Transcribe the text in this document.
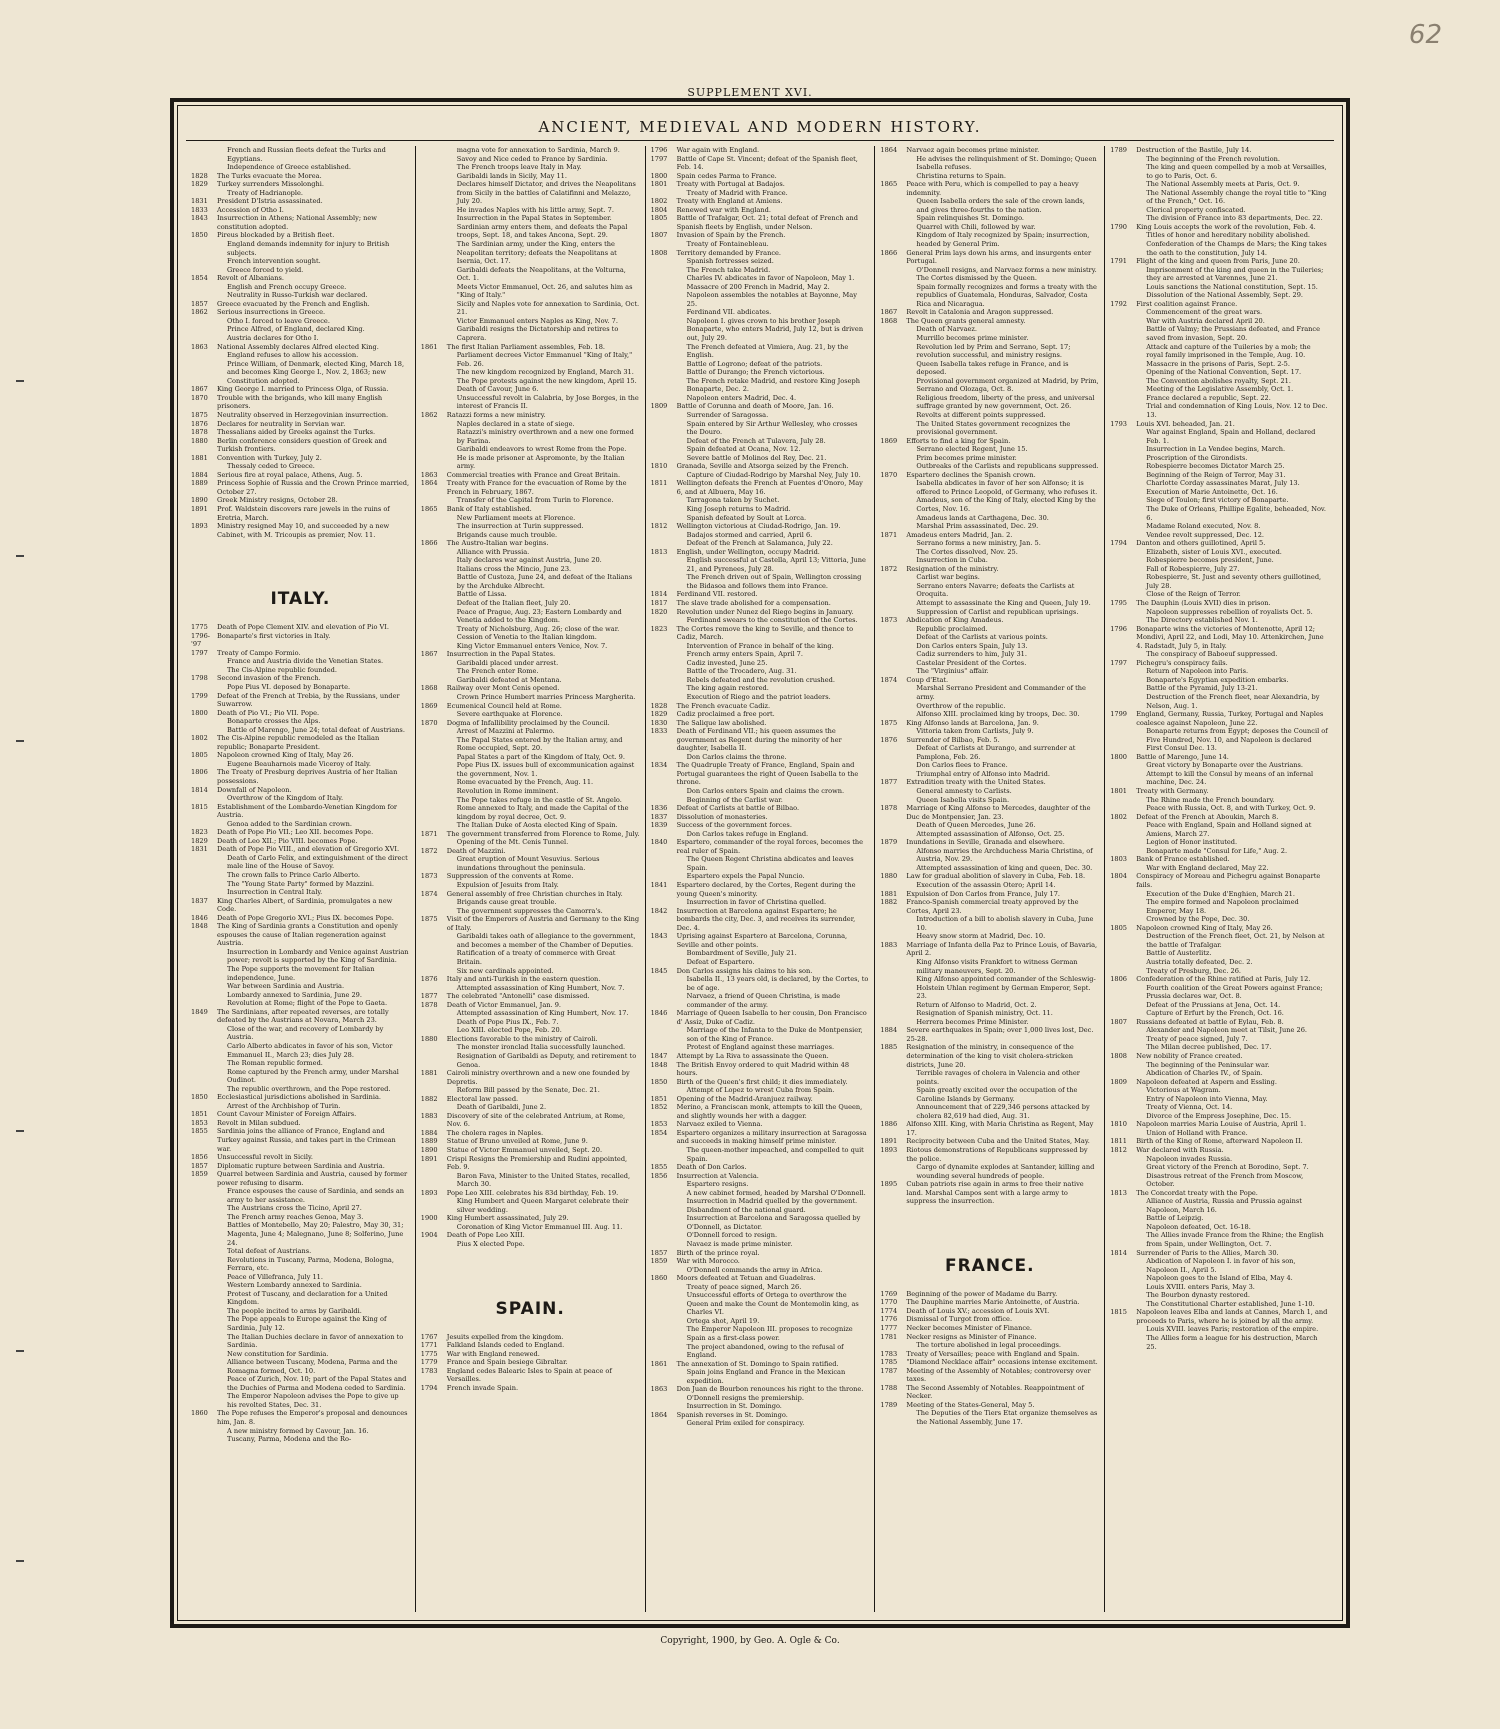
62
SUPPLEMENT XVI.
ANCIENT, MEDIEVAL AND MODERN HISTORY.
French and Russian fleets defeat the Turks and Egyptians.
Independence of Greece established.
1828	The Turks evacuate the Morea.
1829	Turkey surrenders Missolonghi.
Treaty of Hadrianople.
1831	President D'Istria assassinated.
1833	Accession of Otho I.
1843	Insurrection in Athens; National Assembly; new constitution adopted.
1850	Pireus blockaded by a British fleet.
England demands indemnity for injury to British subjects.
French intervention sought.
Greece forced to yield.
1854	Revolt of Albanians.
English and French occupy Greece.
Neutrality in Russo-Turkish war declared.
1857	Greece evacuated by the French and English.
1862	Serious insurrections in Greece.
Otho I. forced to leave Greece.
Prince Alfred, of England, declared King.
Austria declares for Otho I.
1863	National Assembly declares Alfred elected King.
England refuses to allow his accession.
Prince William, of Denmark, elected King, March 18, and becomes King George I., Nov. 2, 1863; new Constitution adopted.
1867	King George I. married to Princess Olga, of Russia.
1870	Trouble with the brigands, who kill many English prisoners.
1875	Neutrality observed in Herzegovinian insurrection.
1876	Declares for neutrality in Servian war.
1878	Thessalians aided by Greeks against the Turks.
1880	Berlin conference considers question of Greek and Turkish frontiers.
1881	Convention with Turkey, July 2.
Thessaly ceded to Greece.
1884	Serious fire at royal palace, Athens, Aug. 5.
1889	Princess Sophie of Russia and the Crown Prince married, October 27.
1890	Greek Ministry resigns, October 28.
1891	Prof. Waldstein discovers rare jewels in the ruins of Eretria, March.
1893	Ministry resigned May 10, and succeeded by a new Cabinet, with M. Tricoupis as premier, Nov. 11.
ITALY.
1775	Death of Pope Clement XIV. and elevation of Pio VI.
1796-'97
Bonaparte's first victories in Italy.
1797	Treaty of Campo Formio.
France and Austria divide the Venetian States.
The Cis-Alpine republic founded.
1798	Second invasion of the French.
Pope Pius VI. deposed by Bonaparte.
1799	Defeat of the French at Trebia, by the Russians, under Suwarrow.
1800	Death of Pio VI.; Pio VII. Pope.
Bonaparte crosses the Alps.
Battle of Marengo, June 24; total defeat of Austrians.
1802	The Cis-Alpine republic remodeled as the Italian republic; Bonaparte President.
1805	Napoleon crowned King of Italy, May 26.
Eugene Beauharnois made Viceroy of Italy.
1806	The Treaty of Presburg deprives Austria of her Italian possessions.
1814	Downfall of Napoleon.
Overthrow of the Kingdom of Italy.
1815	Establishment of the Lombardo-Venetian Kingdom for Austria.
Genoa added to the Sardinian crown.
1823	Death of Pope Pio VII.; Leo XII. becomes Pope.
1829	Death of Leo XII.; Pio VIII. becomes Pope.
1831	Death of Pope Pio VIII., and elevation of Gregorio XVI.
Death of Carlo Felix, and extinguishment of the direct male line of the House of Savoy.
The crown falls to Prince Carlo Alberto.
The "Young State Party" formed by Mazzini.
Insurrection in Central Italy.
1837	King Charles Albert, of Sardinia, promulgates a new Code.
1846	Death of Pope Gregorio XVI.; Pius IX. becomes Pope.
1848	The King of Sardinia grants a Constitution and openly espouses the cause of Italian regeneration against Austria.
Insurrection in Lombardy and Venice against Austrian power; revolt is supported by the King of Sardinia.
The Pope supports the movement for Italian independence, June.
War between Sardinia and Austria.
Lombardy annexed to Sardinia, June 29.
Revolution at Rome; flight of the Pope to Gaeta.
1849	The Sardinians, after repeated reverses, are totally defeated by the Austrians at Novara, March 23.
Close of the war, and recovery of Lombardy by Austria.
Carlo Alberto abdicates in favor of his son, Victor Emmanuel II., March 23; dies July 28.
The Roman republic formed.
Rome captured by the French army, under Marshal Oudinot.
The republic overthrown, and the Pope restored.
1850	Ecclesiastical jurisdictions abolished in Sardinia.
Arrest of the Archbishop of Turin.
1851	Count Cavour Minister of Foreign Affairs.
1853	Revolt in Milan subdued.
1855	Sardinia joins the alliance of France, England and Turkey against Russia, and takes part in the Crimean war.
1856	Unsuccessful revolt in Sicily.
1857	Diplomatic rupture between Sardinia and Austria.
1859	Quarrel between Sardinia and Austria, caused by former power refusing to disarm.
France espouses the cause of Sardinia, and sends an army to her assistance.
The Austrians cross the Ticino, April 27.
The French army reaches Genoa, May 3.
Battles of Montebello, May 20; Palestro, May 30, 31; Magenta, June 4; Malegnano, June 8; Solferino, June 24.
Total defeat of Austrians.
Revolutions in Tuscany, Parma, Modena, Bologna, Ferrara, etc.
Peace of Villefranca, July 11.
Western Lombardy annexed to Sardinia.
Protest of Tuscany, and declaration for a United Kingdom.
The people incited to arms by Garibaldi.
The Pope appeals to Europe against the King of Sardinia, July 12.
The Italian Duchies declare in favor of annexation to Sardinia.
New constitution for Sardinia.
Alliance between Tuscany, Modena, Parma and the Romagna formed, Oct. 10.
Peace of Zurich, Nov. 10; part of the Papal States and the Duchies of Parma and Modena ceded to Sardinia.
The Emperor Napoleon advises the Pope to give up his revolted States, Dec. 31.
1860	The Pope refuses the Emperor's proposal and denounces him, Jan. 8.
A new ministry formed by Cavour, Jan. 16.
Tuscany, Parma, Modena and the Ro-
magna vote for annexation to Sardinia, March 9.
Savoy and Nice ceded to France by Sardinia.
The French troops leave Italy in May.
Garibaldi lands in Sicily, May 11.
Declares himself Dictator, and drives the Neapolitans from Sicily in the battles of Calatifinni and Melazzo, July 20.
He invades Naples with his little army, Sept. 7.
Insurrection in the Papal States in September. Sardinian army enters them, and defeats the Papal troops, Sept. 18, and takes Ancona, Sept. 29.
The Sardinian army, under the King, enters the Neapolitan territory; defeats the Neapolitans at Isernia, Oct. 17.
Garibaldi defeats the Neapolitans, at the Volturna, Oct. 1.
Meets Victor Emmanuel, Oct. 26, and salutes him as "King of Italy."
Sicily and Naples vote for annexation to Sardinia, Oct. 21.
Victor Emmanuel enters Naples as King, Nov. 7.
Garibaldi resigns the Dictatorship and retires to Caprera.
1861	The first Italian Parliament assembles, Feb. 18.
Parliament decrees Victor Emmanuel "King of Italy," Feb. 26.
The new kingdom recognized by England, March 31.
The Pope protests against the new kingdom, April 15.
Death of Cavour, June 6.
Unsuccessful revolt in Calabria, by Jose Borges, in the interest of Francis II.
1862	Ratazzi forms a new ministry.
Naples declared in a state of siege.
Ratazzi's ministry overthrown and a new one formed by Farina.
Garibaldi endeavors to wrest Rome from the Pope.
He is made prisoner at Aspromonte, by the Italian army.
1863	Commercial treaties with France and Great Britain.
1864	Treaty with France for the evacuation of Rome by the French in February, 1867.
Transfer of the Capital from Turin to Florence.
1865	Bank of Italy established.
New Parliament meets at Florence.
The insurrection at Turin suppressed.
Brigands cause much trouble.
1866	The Austro-Italian war begins.
Alliance with Prussia.
Italy declares war against Austria, June 20.
Italians cross the Mincio, June 23.
Battle of Custoza, June 24, and defeat of the Italians by the Archduke Albrecht.
Battle of Lissa.
Defeat of the Italian fleet, July 20.
Peace of Prague, Aug. 23; Eastern Lombardy and Venetia added to the Kingdom.
Treaty of Nicholsburg, Aug. 26; close of the war.
Cession of Venetia to the Italian kingdom.
King Victor Emmanuel enters Venice, Nov. 7.
1867	Insurrection in the Papal States.
Garibaldi placed under arrest.
The French enter Rome.
Garibaldi defeated at Mentana.
1868	Railway over Mont Cenis opened.
Crown Prince Humbert marries Princess Margherita.
1869	Ecumenical Council held at Rome.
Severe earthquake at Florence.
1870	Dogma of Infallibility proclaimed by the Council.
Arrest of Mazzini at Palermo.
The Papal States entered by the Italian army, and Rome occupied, Sept. 20.
Papal States a part of the Kingdom of Italy, Oct. 9.
Pope Pius IX. issues bull of excommunication against the government, Nov. 1.
Rome evacuated by the French, Aug. 11.
Revolution in Rome imminent.
The Pope takes refuge in the castle of St. Angelo.
Rome annexed to Italy, and made the Capital of the kingdom by royal decree, Oct. 9.
The Italian Duke of Aosta elected King of Spain.
1871	The government transferred from Florence to Rome, July.
Opening of the Mt. Cenis Tunnel.
1872	Death of Mazzini.
Great eruption of Mount Vesuvius. Serious inundations throughout the peninsula.
1873	Suppression of the convents at Rome.
Expulsion of Jesuits from Italy.
1874	General assembly of free Christian churches in Italy.
Brigands cause great trouble.
The government suppresses the Camorra's.
1875	Visit of the Emperors of Austria and Germany to the King of Italy.
Garibaldi takes oath of allegiance to the government, and becomes a member of the Chamber of Deputies.
Ratification of a treaty of commerce with Great Britain.
Six new cardinals appointed.
1876	Italy and anti-Turkish in the eastern question.
Attempted assassination of King Humbert, Nov. 7.
1877	The celebrated "Antonelli" case dismissed.
1878	Death of Victor Emmanuel, Jan. 9.
Attempted assassination of King Humbert, Nov. 17.
Death of Pope Pius IX., Feb. 7.
Leo XIII. elected Pope, Feb. 20.
1880	Elections favorable to the ministry of Cairoli.
The monster ironclad Italia successfully launched.
Resignation of Garibaldi as Deputy, and retirement to Genoa.
1881	Cairoli ministry overthrown and a new one founded by Depretis.
Reform Bill passed by the Senate, Dec. 21.
1882	Electoral law passed.
Death of Garibaldi, June 2.
1883	Discovery of site of the celebrated Antrium, at Rome, Nov. 6.
1884	The cholera rages in Naples.
1889	Statue of Bruno unveiled at Rome, June 9.
1890	Statue of Victor Emmanuel unveiled, Sept. 20.
1891	Crispi Resigns the Premiership and Rudini appointed, Feb. 9.
Baron Fava, Minister to the United States, recalled, March 30.
1893	Pope Leo XIII. celebrates his 83d birthday, Feb. 19.
King Humbert and Queen Margaret celebrate their silver wedding.
1900	King Humbert assassinated, July 29.
Coronation of King Victor Emmanuel III. Aug. 11.
1904	Death of Pope Leo XIII.
Pius X elected Pope.
SPAIN.
1767	Jesuits expelled from the kingdom.
1771	Falkland Islands ceded to England.
1775	War with England renewed.
1779	France and Spain besiege Gibraltar.
1783	England cedes Balearic Isles to Spain at peace of Versailles.
1794	French invade Spain.
1796	War again with England.
1797	Battle of Cape St. Vincent; defeat of the Spanish fleet, Feb. 14.
1800	Spain cedes Parma to France.
1801	Treaty with Portugal at Badajos.
Treaty of Madrid with France.
1802	Treaty with England at Amiens.
1804	Renewed war with England.
1805	Battle of Trafalgar, Oct. 21; total defeat of French and Spanish fleets by English, under Nelson.
1807	Invasion of Spain by the French.
Treaty of Fontainebleau.
1808	Territory demanded by France.
Spanish fortresses seized.
The French take Madrid.
Charles IV. abdicates in favor of Napoleon, May 1.
Massacre of 200 French in Madrid, May 2.
Napoleon assembles the notables at Bayonne, May 25.
Ferdinand VII. abdicates.
Napoleon I. gives crown to his brother Joseph Bonaparte, who enters Madrid, July 12, but is driven out, July 29.
The French defeated at Vimiera, Aug. 21, by the English.
Battle of Logrono; defeat of the patriots.
Battle of Durango; the French victorious.
The French retake Madrid, and restore King Joseph Bonaparte, Dec. 2.
Napoleon enters Madrid, Dec. 4.
1809	Battle of Corunna and death of Moore, Jan. 16.
Surrender of Saragossa.
Spain entered by Sir Arthur Wellesley, who crosses the Douro.
Defeat of the French at Tulavera, July 28.
Spain defeated at Ocana, Nov. 12.
Severe battle of Molinos del Rey, Dec. 21.
1810	Granada, Seville and Atsorga seized by the French.
Capture of Ciudad-Rodrigo by Marshal Ney, July 10.
1811	Wellington defeats the French at Fuentes d'Onoro, May 6, and at Albuera, May 16.
Tarragona taken by Suchet.
King Joseph returns to Madrid.
Spanish defeated by Soult at Lorca.
1812	Wellington victorious at Ciudad-Rodrigo, Jan. 19.
Badajos stormed and carried, April 6.
Defeat of the French at Salamanca, July 22.
1813	English, under Wellington, occupy Madrid.
English successful at Castella, April 13; Vittoria, June 21, and Pyrenees, July 28.
The French driven out of Spain, Wellington crossing the Bidasoa and follows them into France.
1814	Ferdinand VII. restored.
1817	The slave trade abolished for a compensation.
1820	Revolution under Nunez del Riego begins in January.
Ferdinand swears to the constitution of the Cortes.
1823	The Cortes remove the king to Seville, and thence to Cadiz, March.
Intervention of France in behalf of the king.
French army enters Spain, April 7.
Cadiz invested, June 25.
Battle of the Trocadero, Aug. 31.
Rebels defeated and the revolution crushed.
The king again restored.
Execution of Riego and the patriot leaders.
1828	The French evacuate Cadiz.
1829	Cadiz proclaimed a free port.
1830	The Salique law abolished.
1833	Death of Ferdinand VII.; his queen assumes the government as Regent during the minority of her daughter, Isabella II.
Don Carlos claims the throne.
1834	The Quadruple Treaty of France, England, Spain and Portugal guarantees the right of Queen Isabella to the throne.
Don Carlos enters Spain and claims the crown.
Beginning of the Carlist war.
1836	Defeat of Carlists at battle of Bilbao.
1837	Dissolution of monasteries.
1839	Success of the government forces.
Don Carlos takes refuge in England.
1840	Espartero, commander of the royal forces, becomes the real ruler of Spain.
The Queen Regent Christina abdicates and leaves Spain.
Espartero expels the Papal Nuncio.
1841	Espartero declared, by the Cortes, Regent during the young Queen's minority.
Insurrection in favor of Christina quelled.
1842	Insurrection at Barcelona against Espartero; he bombards the city, Dec. 3, and receives its surrender, Dec. 4.
1843	Uprising against Espartero at Barcelona, Corunna, Seville and other points.
Bombardment of Seville, July 21.
Defeat of Espartero.
1845	Don Carlos assigns his claims to his son.
Isabella II., 13 years old, is declared, by the Cortes, to be of age.
Narvaez, a friend of Queen Christina, is made commander of the army.
1846	Marriage of Queen Isabella to her cousin, Don Francisco d' Assiz, Duke of Cadiz.
Marriage of the Infanta to the Duke de Montpensier, son of the King of France.
Protest of England against these marriages.
1847	Attempt by La Riva to assassinate the Queen.
1848	The British Envoy ordered to quit Madrid within 48 hours.
1850	Birth of the Queen's first child; it dies immediately.
Attempt of Lopez to wrest Cuba from Spain.
1851	Opening of the Madrid-Aranjuez railway.
1852	Merino, a Franciscan monk, attempts to kill the Queen, and slightly wounds her with a dagger.
1853	Narvaez exiled to Vienna.
1854	Espartero organizes a military insurrection at Saragossa and succeeds in making himself prime minister.
The queen-mother impeached, and compelled to quit Spain.
1855	Death of Don Carlos.
1856	Insurrection at Valencia.
Espartero resigns.
A new cabinet formed, headed by Marshal O'Donnell.
Insurrection in Madrid quelled by the government.
Disbandment of the national guard.
Insurrection at Barcelona and Saragossa quelled by O'Donnell, as Dictator.
O'Donnell forced to resign.
Navaez is made prime minister.
1857	Birth of the prince royal.
1859	War with Morocco.
O'Donnell commands the army in Africa.
1860	Moors defeated at Tetuan and Guadelras.
Treaty of peace signed, March 26.
Unsuccessful efforts of Ortega to overthrow the Queen and make the Count de Montemolin king, as Charles VI.
Ortega shot, April 19.
The Emperor Napoleon III. proposes to recognize Spain as a first-class power.
The project abandoned, owing to the refusal of England.
1861	The annexation of St. Domingo to Spain ratified.
Spain joins England and France in the Mexican expedition.
1863	Don Juan de Bourbon renounces his right to the throne.
O'Donnell resigns the premiership.
Insurrection in St. Domingo.
1864	Spanish reverses in St. Domingo.
General Prim exiled for conspiracy.
1864	Narvaez again becomes prime minister.
He advises the relinquishment of St. Domingo; Queen Isabella refuses.
Christina returns to Spain.
1865	Peace with Peru, which is compelled to pay a heavy indemnity.
Queen Isabella orders the sale of the crown lands, and gives three-fourths to the nation.
Spain relinquishes St. Domingo.
Quarrel with Chili, followed by war.
Kingdom of Italy recognized by Spain; insurrection, headed by General Prim.
1866	General Prim lays down his arms, and insurgents enter Portugal.
O'Donnell resigns, and Narvaez forms a new ministry.
The Cortes dismissed by the Queen.
Spain formally recognizes and forms a treaty with the republics of Guatemala, Honduras, Salvador, Costa Rica and Nicaragua.
1867	Revolt in Catalonia and Aragon suppressed.
1868	The Queen grants general amnesty.
Death of Narvaez.
Murrillo becomes prime minister.
Revolution led by Prim and Serrano, Sept. 17; revolution successful, and ministry resigns.
Queen Isabella takes refuge in France, and is deposed.
Provisional government organized at Madrid, by Prim, Serrano and Olozaga, Oct. 8.
Religious freedom, liberty of the press, and universal suffrage granted by new government, Oct. 26.
Revolts at different points suppressed.
The United States government recognizes the provisional government.
1869	Efforts to find a king for Spain.
Serrano elected Regent, June 15.
Prim becomes prime minister.
Outbreaks of the Carlists and republicans suppressed.
1870	Espartero declines the Spanish crown.
Isabella abdicates in favor of her son Alfonso; it is offered to Prince Leopold, of Germany, who refuses it.
Amadeus, son of the King of Italy, elected King by the Cortes, Nov. 16.
Amadeus lands at Carthagena, Dec. 30.
Marshal Prim assassinated, Dec. 29.
1871	Amadeus enters Madrid, Jan. 2.
Serrano forms a new ministry, Jan. 5.
The Cortes dissolved, Nov. 25.
Insurrection in Cuba.
1872	Resignation of the ministry.
Carlist war begins.
Serrano enters Navarre; defeats the Carlists at Oroquita.
Attempt to assassinate the King and Queen, July 19.
Suppression of Carlist and republican uprisings.
1873	Abdication of King Amadeus.
Republic proclaimed.
Defeat of the Carlists at various points.
Don Carlos enters Spain, July 13.
Cadiz surrenders to him, July 31.
Castelar President of the Cortes.
The "Virginius" affair.
1874	Coup d'Etat.
Marshal Serrano President and Commander of the army.
Overthrow of the republic.
Alfonso XIII. proclaimed king by troops, Dec. 30.
1875	King Alfonso lands at Barcelona, Jan. 9.
Vittoria taken from Carlists, July 9.
1876	Surrender of Bilbao, Feb. 5.
Defeat of Carlists at Durango, and surrender at Pamplona, Feb. 26.
Don Carlos flees to France.
Triumphal entry of Alfonso into Madrid.
1877	Extradition treaty with the United States.
General amnesty to Carlists.
Queen Isabella visits Spain.
1878	Marriage of King Alfonso to Mercedes, daughter of the Duc de Montpensier, Jan. 23.
Death of Queen Mercedes, June 26.
Attempted assassination of Alfonso, Oct. 25.
1879	Inundations in Seville, Granada and elsewhere.
Alfonso marries the Archduchess Maria Christina, of Austria, Nov. 29.
Attempted assassination of king and queen, Dec. 30.
1880	Law for gradual abolition of slavery in Cuba, Feb. 18.
Execution of the assassin Otero; April 14.
1881	Expulsion of Don Carlos from France, July 17.
1882	Franco-Spanish commercial treaty approved by the Cortes, April 23.
Introduction of a bill to abolish slavery in Cuba, June 10.
Heavy snow storm at Madrid, Dec. 10.
1883	Marriage of Infanta della Paz to Prince Louis, of Bavaria, April 2.
King Alfonso visits Frankfort to witness German military maneuvers, Sept. 20.
King Alfonso appointed commander of the Schleswig-Holstein Uhlan regiment by German Emperor, Sept. 23.
Return of Alfonso to Madrid, Oct. 2.
Resignation of Spanish ministry, Oct. 11.
Herrera becomes Prime Minister.
1884	Severe earthquakes in Spain; over 1,000 lives lost, Dec. 25-28.
1885	Resignation of the ministry, in consequence of the determination of the king to visit cholera-stricken districts, June 20.
Terrible ravages of cholera in Valencia and other points.
Spain greatly excited over the occupation of the Caroline Islands by Germany.
Announcement that of 229,346 persons attacked by cholera 82,619 had died, Aug. 31.
1886	Alfonso XIII. King, with Maria Christina as Regent, May 17.
1891	Reciprocity between Cuba and the United States, May.
1893	Riotous demonstrations of Republicans suppressed by the police.
Cargo of dynamite explodes at Santander, killing and wounding several hundreds of people.
1895	Cuban patriots rise again in arms to free their native land. Marshal Campos sent with a large army to suppress the insurrection.
FRANCE.
1769	Beginning of the power of Madame du Barry.
1770	The Dauphine marries Marie Antoinette, of Austria.
1774	Death of Louis XV.; accession of Louis XVI.
1776	Dismissal of Turgot from office.
1777	Necker becomes Minister of Finance.
1781	Necker resigns as Minister of Finance.
The torture abolished in legal proceedings.
1783	Treaty of Versailles; peace with England and Spain.
1785	"Diamond Necklace affair" occasions intense excitement.
1787	Meeting of the Assembly of Notables; controversy over taxes.
1788	The Second Assembly of Notables. Reappointment of Necker.
1789	Meeting of the States-General, May 5.
The Deputies of the Tiers Etat organize themselves as the National Assembly, June 17.
1789	Destruction of the Bastile, July 14.
The beginning of the French revolution.
The king and queen compelled by a mob at Versailles, to go to Paris, Oct. 6.
The National Assembly meets at Paris, Oct. 9.
The National Assembly change the royal title to "King of the French," Oct. 16.
Clerical property confiscated.
The division of France into 83 departments, Dec. 22.
1790	King Louis accepts the work of the revolution, Feb. 4.
Titles of honor and hereditary nobility abolished.
Confederation of the Champs de Mars; the King takes the oath to the constitution, July 14.
1791	Flight of the king and queen from Paris, June 20.
Imprisonment of the king and queen in the Tuileries; they are arrested at Varennes, June 21.
Louis sanctions the National constitution, Sept. 15.
Dissolution of the National Assembly, Sept. 29.
1792	First coalition against France.
Commencement of the great wars.
War with Austria declared April 20.
Battle of Valmy; the Prussians defeated, and France saved from invasion, Sept. 20.
Attack and capture of the Tuileries by a mob; the royal family imprisoned in the Temple, Aug. 10.
Massacre in the prisons of Paris, Sept. 2-5.
Opening of the National Convention, Sept. 17.
The Convention abolishes royalty, Sept. 21.
Meeting of the Legislative Assembly, Oct. 1.
France declared a republic, Sept. 22.
Trial and condemnation of King Louis, Nov. 12 to Dec. 13.
1793	Louis XVI. beheaded, Jan. 21.
War against England, Spain and Holland, declared Feb. 1.
Insurrection in La Vendee begins, March.
Proscription of the Girondists.
Robespierre becomes Dictator March 25.
Beginning of the Reign of Terror, May 31.
Charlotte Corday assassinates Marat, July 13.
Execution of Marie Antoinette, Oct. 16.
Siege of Toulon; first victory of Bonaparte.
The Duke of Orleans, Phillipe Egalite, beheaded, Nov. 6.
Madame Roland executed, Nov. 8.
Vendee revolt suppressed, Dec. 12.
1794	Danton and others guillotined, April 5.
Elizabeth, sister of Louis XVI., executed.
Robespierre becomes president, June.
Fall of Robespierre, July 27.
Robespierre, St. Just and seventy others guillotined, July 28.
Close of the Reign of Terror.
1795	The Dauphin (Louis XVII) dies in prison.
Napoleon suppresses rebellion of royalists Oct. 5.
The Directory established Nov. 1.
1796	Bonaparte wins the victories of Montenotte, April 12; Mondivi, April 22, and Lodi, May 10. Attenkirchen, June 4. Radstadt, July 5, in Italy.
The conspiracy of Baboeuf suppressed.
1797	Pichegru's conspiracy fails.
Return of Napoleon into Paris.
Bonaparte's Egyptian expedition embarks.
Battle of the Pyramid, July 13-21.
Destruction of the French fleet, near Alexandria, by Nelson, Aug. 1.
1799	England, Germany, Russia, Turkey, Portugal and Naples coalesce against Napoleon, June 22.
Bonaparte returns from Egypt; deposes the Council of Five Hundred, Nov. 10, and Napoleon is declared First Consul Dec. 13.
1800	Battle of Marengo, June 14.
Great victory by Bonaparte over the Austrians.
Attempt to kill the Consul by means of an infernal machine, Dec. 24.
1801	Treaty with Germany.
The Rhine made the French boundary.
Peace with Russia, Oct. 8, and with Turkey, Oct. 9.
1802	Defeat of the French at Aboukin, March 8.
Peace with England, Spain and Holland signed at Amiens, March 27.
Legion of Honor instituted.
Bonaparte made "Consul for Life," Aug. 2.
1803	Bank of France established.
War with England declared, May 22.
1804	Conspiracy of Moreau and Pichegru against Bonaparte fails.
Execution of the Duke d'Enghien, March 21.
The empire formed and Napoleon proclaimed Emperor, May 18.
Crowned by the Pope, Dec. 30.
1805	Napoleon crowned King of Italy, May 26.
Destruction of the French fleet, Oct. 21, by Nelson at the battle of Trafalgar.
Battle of Austerlitz.
Austria totally defeated, Dec. 2.
Treaty of Presburg, Dec. 26.
1806	Confederation of the Rhine ratified at Paris, July 12.
Fourth coalition of the Great Powers against France; Prussia declares war, Oct. 8.
Defeat of the Prussians at Jena, Oct. 14.
Capture of Erfurt by the French, Oct. 16.
1807	Russians defeated at battle of Eylau, Feb. 8.
Alexander and Napoleon meet at Tilsit, June 26.
Treaty of peace signed, July 7.
The Milan decree published, Dec. 17.
1808	New nobility of France created.
The beginning of the Peninsular war.
Abdication of Charles IV., of Spain.
1809	Napoleon defeated at Aspern and Essling.
Victorious at Wagram.
Entry of Napoleon into Vienna, May.
Treaty of Vienna, Oct. 14.
Divorce of the Empress Josephine, Dec. 15.
1810	Napoleon marries Maria Louise of Austria, April 1.
Union of Holland with France.
1811	Birth of the King of Rome, afterward Napoleon II.
1812	War declared with Russia.
Napoleon invades Russia.
Great victory of the French at Borodino, Sept. 7.
Disastrous retreat of the French from Moscow, October.
1813	The Concordat treaty with the Pope.
Alliance of Austria, Russia and Prussia against Napoleon, March 16.
Battle of Leipzig.
Napoleon defeated, Oct. 16-18.
The Allies invade France from the Rhine; the English from Spain, under Wellington, Oct. 7.
1814	Surrender of Paris to the Allies, March 30.
Abdication of Napoleon I. in favor of his son, Napoleon II., April 5.
Napoleon goes to the Island of Elba, May 4.
Louis XVIII. enters Paris, May 3.
The Bourbon dynasty restored.
The Constitutional Charter established, June 1-10.
1815	Napoleon leaves Elba and lands at Cannes, March 1, and proceeds to Paris, where he is joined by all the army.
Louis XVIII. leaves Paris; restoration of the empire.
The Allies form a league for his destruction, March 25.
Copyright, 1900, by Geo. A. Ogle & Co.
